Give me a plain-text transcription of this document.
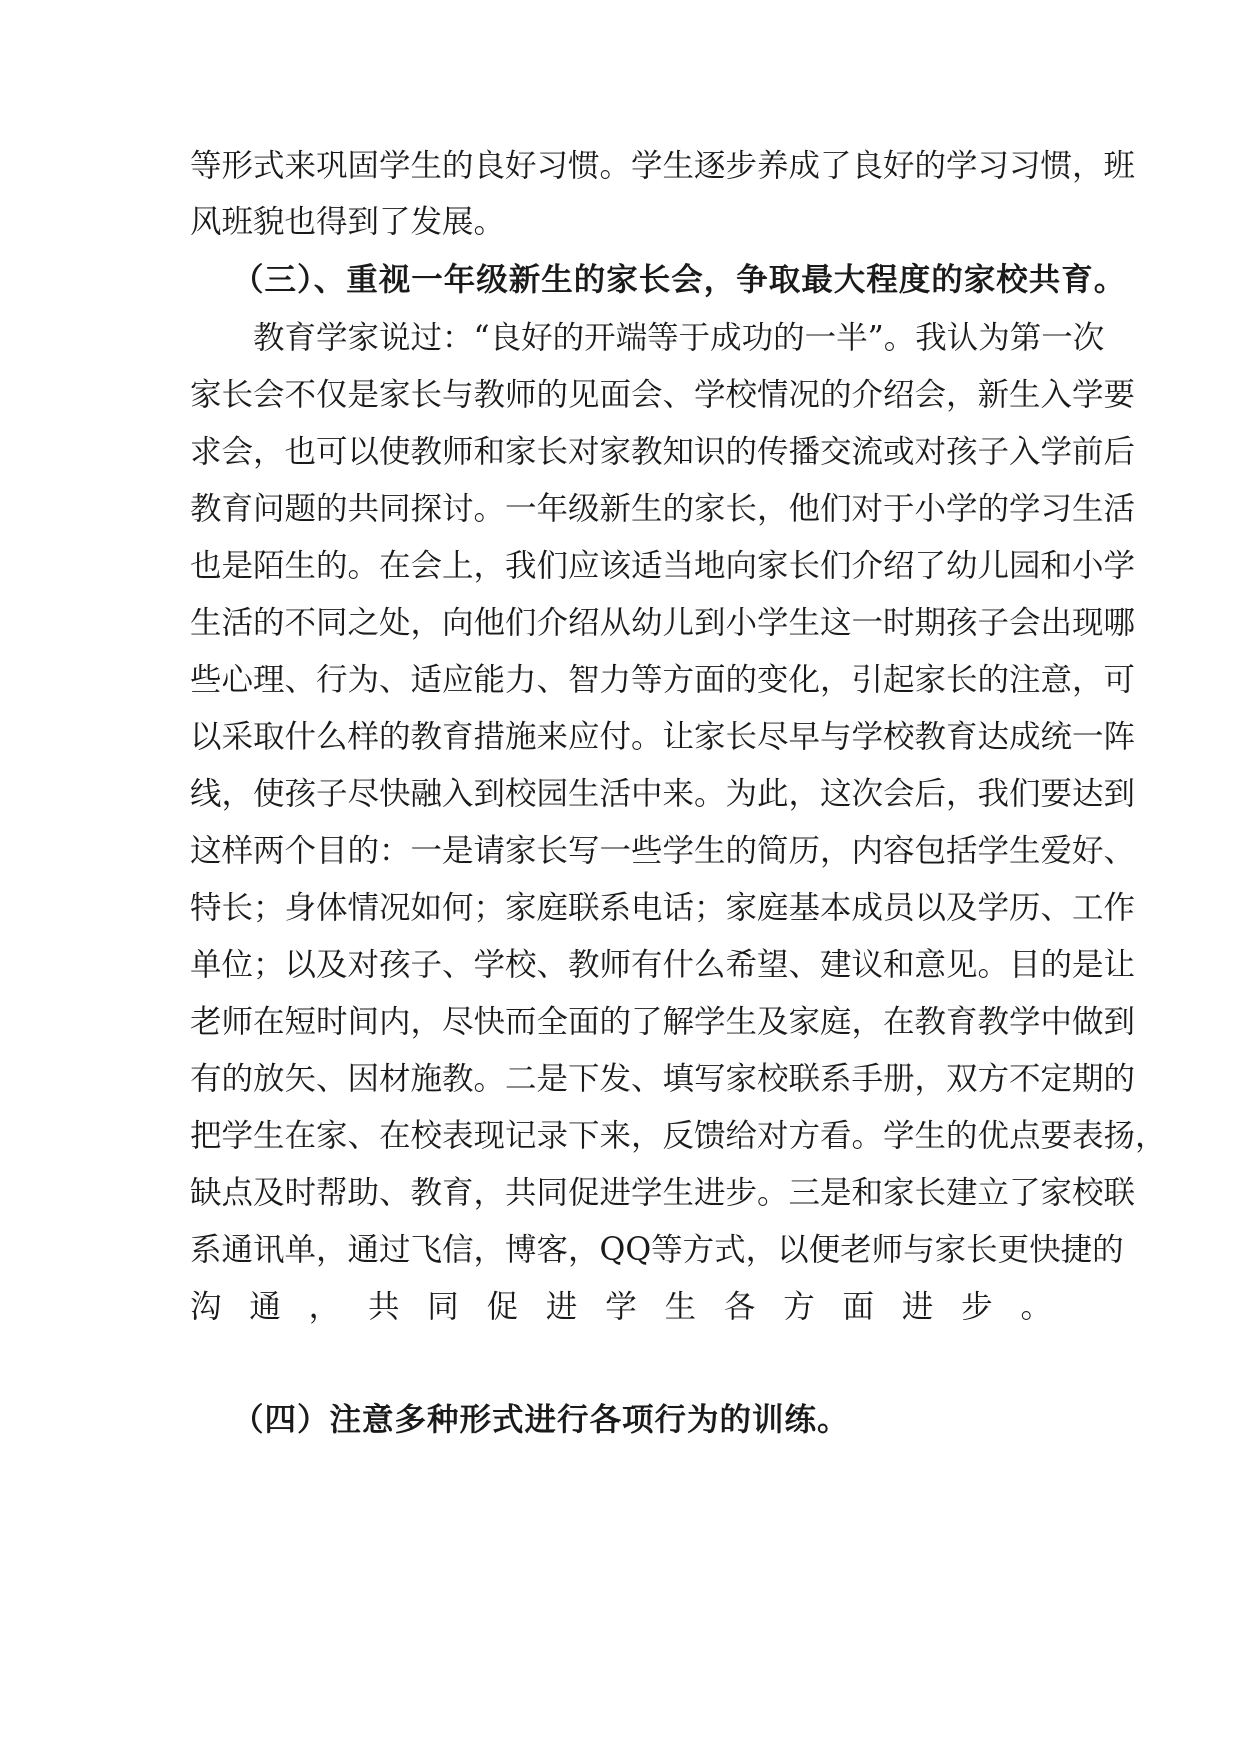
等形式来巩固学生的良好习惯。学生逐步养成了良好的学习习惯，班
风班貌也得到了发展。
（三）、重视一年级新生的家长会，争取最大程度的家校共育。
教育学家说过：“良好的开端等于成功的一半”。我认为第一次
家长会不仅是家长与教师的见面会、学校情况的介绍会，新生入学要
求会，也可以使教师和家长对家教知识的传播交流或对孩子入学前后
教育问题的共同探讨。一年级新生的家长，他们对于小学的学习生活
也是陌生的。在会上，我们应该适当地向家长们介绍了幼儿园和小学
生活的不同之处，向他们介绍从幼儿到小学生这一时期孩子会出现哪
些心理、行为、适应能力、智力等方面的变化，引起家长的注意，可
以采取什么样的教育措施来应付。让家长尽早与学校教育达成统一阵
线，使孩子尽快融入到校园生活中来。为此，这次会后，我们要达到
这样两个目的：一是请家长写一些学生的简历，内容包括学生爱好、
特长；身体情况如何；家庭联系电话；家庭基本成员以及学历、工作
单位；以及对孩子、学校、教师有什么希望、建议和意见。目的是让
老师在短时间内，尽快而全面的了解学生及家庭，在教育教学中做到
有的放矢、因材施教。二是下发、填写家校联系手册，双方不定期的
把学生在家、在校表现记录下来，反馈给对方看。学生的优点要表扬，
缺点及时帮助、教育，共同促进学生进步。三是和家长建立了家校联
系通讯单，通过飞信，博客，QQ等方式，以便老师与家长更快捷的
沟通，共同促进学生各方面进步。
（四）注意多种形式进行各项行为的训练。
